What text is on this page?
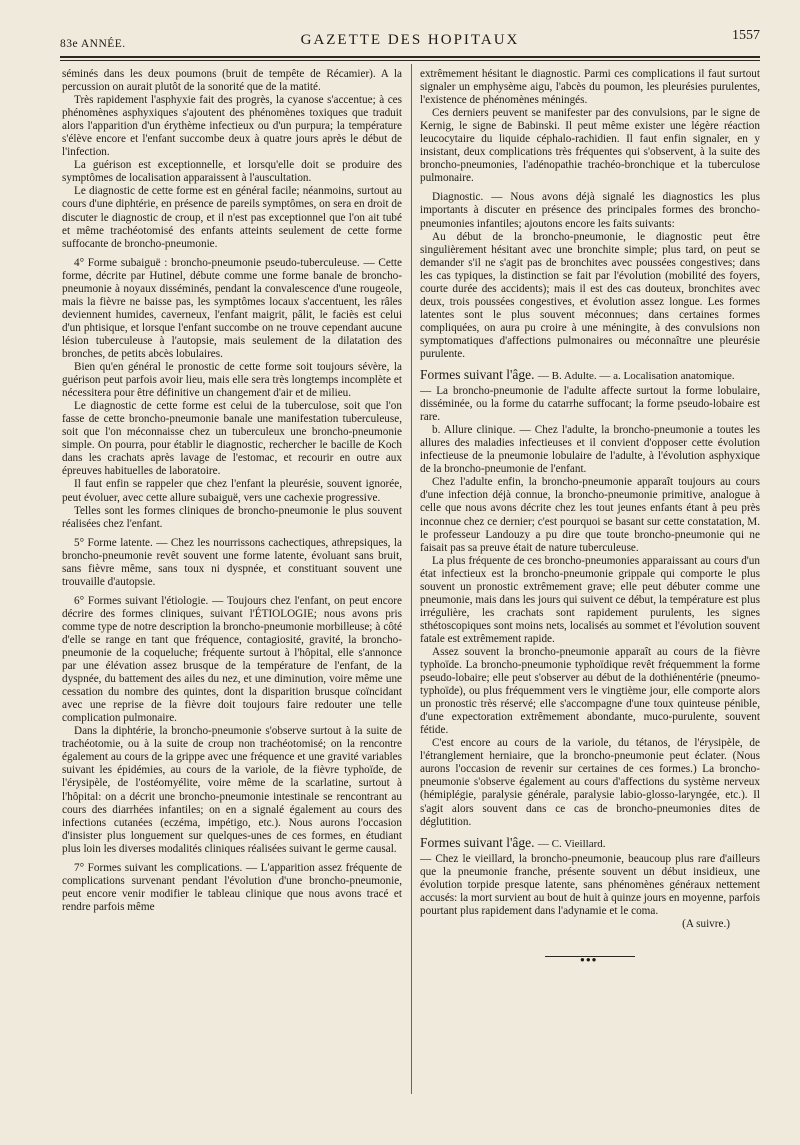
83e ANNÉE.	GAZETTE DES HOPITAUX	1557

séminés dans les deux poumons (bruit de tempête de Récamier). A la percussion on aurait plutôt de la sonorité que de la matité.

Très rapidement l'asphyxie fait des progrès, la cyanose s'accentue; à ces phénomènes asphyxiques s'ajoutent des phénomènes toxiques que traduit alors l'apparition d'un érythème infectieux ou d'un purpura; la température s'élève encore et l'enfant succombe deux à quatre jours après le début de l'infection.

La guérison est exceptionnelle, et lorsqu'elle doit se produire des symptômes de localisation apparaissent à l'auscultation.

Le diagnostic de cette forme est en général facile; néanmoins, surtout au cours d'une diphtérie, en présence de pareils symptômes, on sera en droit de discuter le diagnostic de croup, et il n'est pas exceptionnel que l'on ait tubé et même trachéotomisé des enfants atteints seulement de cette forme suffocante de broncho-pneumonie.

4° Forme subaiguë : broncho-pneumonie pseudo-tuberculeuse. — Cette forme, décrite par Hutinel, débute comme une forme banale de broncho-pneumonie à noyaux disséminés, pendant la convalescence d'une rougeole, mais la fièvre ne baisse pas, les symptômes locaux s'accentuent, les râles deviennent humides, caverneux, l'enfant maigrit, pâlit, le faciès est celui d'un phtisique, et lorsque l'enfant succombe on ne trouve cependant aucune lésion tuberculeuse à l'autopsie, mais seulement de la dilatation des bronches, de petits abcès lobulaires.

Bien qu'en général le pronostic de cette forme soit toujours sévère, la guérison peut parfois avoir lieu, mais elle sera très longtemps incomplète et nécessitera pour être définitive un changement d'air et de milieu.

Le diagnostic de cette forme est celui de la tuberculose, soit que l'on fasse de cette broncho-pneumonie banale une manifestation tuberculeuse, soit que l'on méconnaisse chez un tuberculeux une broncho-pneumonie simple. On pourra, pour établir le diagnostic, rechercher le bacille de Koch dans les crachats après lavage de l'estomac, et recourir en outre aux épreuves habituelles de laboratoire.

Il faut enfin se rappeler que chez l'enfant la pleurésie, souvent ignorée, peut évoluer, avec cette allure subaiguë, vers une cachexie progressive.

Telles sont les formes cliniques de broncho-pneumonie le plus souvent réalisées chez l'enfant.

5° Forme latente. — Chez les nourrissons cachectiques, athrepsiques, la broncho-pneumonie revêt souvent une forme latente, évoluant sans bruit, sans fièvre même, sans toux ni dyspnée, et constituant souvent une trouvaille d'autopsie.

6° Formes suivant l'étiologie. — Toujours chez l'enfant, on peut encore décrire des formes cliniques, suivant l'ÉTIOLOGIE; nous avons pris comme type de notre description la broncho-pneumonie morbilleuse; à côté d'elle se range en tant que fréquence, contagiosité, gravité, la broncho-pneumonie de la coqueluche; fréquente surtout à l'hôpital, elle s'annonce par une élévation assez brusque de la température de l'enfant, de la dyspnée, du battement des ailes du nez, et une diminution, voire même une cessation du nombre des quintes, dont la disparition brusque coïncidant avec une reprise de la fièvre doit toujours faire redouter une telle complication pulmonaire.

Dans la diphtérie, la broncho-pneumonie s'observe surtout à la suite de trachéotomie, ou à la suite de croup non trachéotomisé; on la rencontre également au cours de la grippe avec une fréquence et une gravité variables suivant les épidémies, au cours de la variole, de la fièvre typhoïde, de l'érysipèle, de l'ostéomyélite, voire même de la scarlatine, surtout à l'hôpital: on a décrit une broncho-pneumonie intestinale se rencontrant au cours des diarrhées infantiles; on en a signalé également au cours des infections cutanées (eczéma, impétigo, etc.). Nous aurons l'occasion d'insister plus longuement sur quelques-unes de ces formes, en étudiant plus loin les diverses modalités cliniques réalisées suivant le germe causal.

7° Formes suivant les complications. — L'apparition assez fréquente de complications survenant pendant l'évolution d'une broncho-pneumonie, peut encore venir modifier le tableau clinique que nous avons tracé et rendre parfois même

extrêmement hésitant le diagnostic. Parmi ces complications il faut surtout signaler un emphysème aigu, l'abcès du poumon, les pleurésies purulentes, l'existence de phénomènes méningés.

Ces derniers peuvent se manifester par des convulsions, par le signe de Kernig, le signe de Babinski. Il peut même exister une légère réaction leucocytaire du liquide céphalo-rachidien. Il faut enfin signaler, en y insistant, deux complications très fréquentes qui s'observent, à la suite des broncho-pneumonies, l'adénopathie trachéo-bronchique et la tuberculose pulmonaire.

Diagnostic. — Nous avons déjà signalé les diagnostics les plus importants à discuter en présence des principales formes des broncho-pneumonies infantiles; ajoutons encore les faits suivants:

Au début de la broncho-pneumonie, le diagnostic peut être singulièrement hésitant avec une bronchite simple; plus tard, on peut se demander s'il ne s'agit pas de bronchites avec poussées congestives; dans les cas typiques, la distinction se fait par l'évolution (mobilité des foyers, courte durée des accidents); mais il est des cas douteux, bronchites avec deux, trois poussées congestives, et évolution assez longue. Les formes latentes sont le plus souvent méconnues; dans certaines formes compliquées, on aura pu croire à une méningite, à des convulsions non symptomatiques d'affections pulmonaires ou méconnaître une pleurésie purulente.

Formes suivant l'âge. — B. Adulte. — a. Localisation anatomique.

— La broncho-pneumonie de l'adulte affecte surtout la forme lobulaire, disséminée, ou la forme du catarrhe suffocant; la forme pseudo-lobaire est rare.

b. Allure clinique. — Chez l'adulte, la broncho-pneumonie a toutes les allures des maladies infectieuses et il convient d'opposer cette évolution infectieuse de la pneumonie lobulaire de l'adulte, à l'évolution asphyxique de la broncho-pneumonie de l'enfant.

Chez l'adulte enfin, la broncho-pneumonie apparaît toujours au cours d'une infection déjà connue, la broncho-pneumonie primitive, analogue à celle que nous avons décrite chez les tout jeunes enfants étant à peu près inconnue chez ce dernier; c'est pourquoi se basant sur cette constatation, M. le professeur Landouzy a pu dire que toute broncho-pneumonie qui ne faisait pas sa preuve était de nature tuberculeuse.

La plus fréquente de ces broncho-pneumonies apparaissant au cours d'un état infectieux est la broncho-pneumonie grippale qui comporte le plus souvent un pronostic extrêmement grave; elle peut débuter comme une pneumonie, mais dans les jours qui suivent ce début, la température est plus irrégulière, les crachats sont rapidement purulents, les signes sthétoscopiques sont moins nets, localisés au sommet et l'évolution souvent fatale est extrêmement rapide.

Assez souvent la broncho-pneumonie apparaît au cours de la fièvre typhoïde. La broncho-pneumonie typhoïdique revêt fréquemment la forme pseudo-lobaire; elle peut s'observer au début de la dothiénentérie (pneumo-typhoïde), ou plus fréquemment vers le vingtième jour, elle comporte alors un pronostic très réservé; elle s'accompagne d'une toux quinteuse pénible, d'une expectoration extrêmement abondante, muco-purulente, souvent fétide.

C'est encore au cours de la variole, du tétanos, de l'érysipèle, de l'étranglement herniaire, que la broncho-pneumonie peut éclater. (Nous aurons l'occasion de revenir sur certaines de ces formes.) La broncho-pneumonie s'observe également au cours d'affections du système nerveux (hémiplégie, paralysie générale, paralysie labio-glosso-laryngée, etc.). Il s'agit alors souvent dans ce cas de broncho-pneumonies dites de déglutition.

Formes suivant l'âge. — C. Vieillard.

— Chez le vieillard, la broncho-pneumonie, beaucoup plus rare d'ailleurs que la pneumonie franche, présente souvent un début insidieux, une évolution torpide presque latente, sans phénomènes généraux nettement accusés: la mort survient au bout de huit à quinze jours en moyenne, parfois pourtant plus rapidement dans l'adynamie et le coma.

(A suivre.)

●●●
